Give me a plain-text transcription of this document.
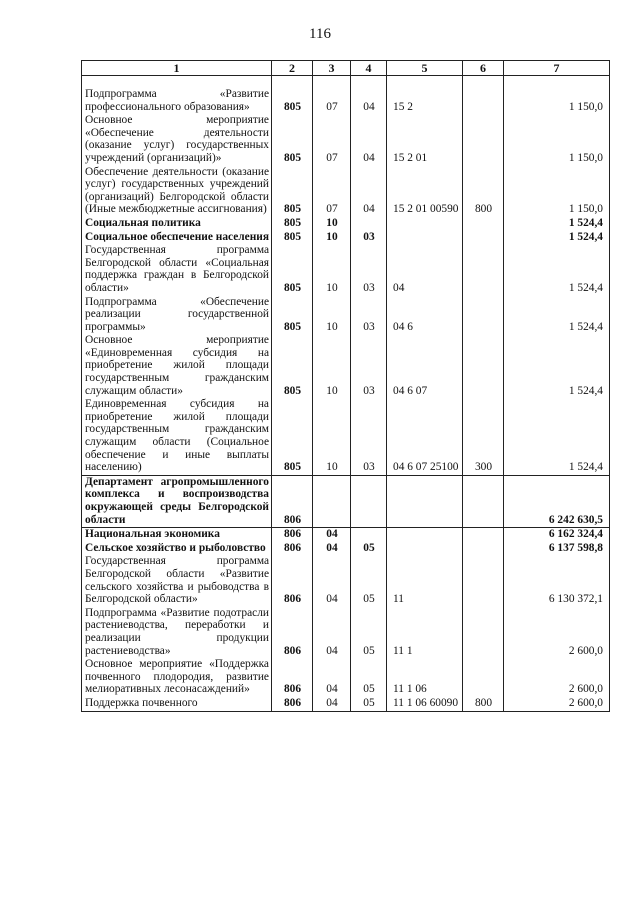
116
1	2	3	4	5	6	7
Подпрограмма «Развитие профессионального образования»	805	07	04	15 2		1 150,0
Основное мероприятие «Обеспечение деятельности (оказание услуг) государственных учреждений (организаций)»	805	07	04	15 2 01		1 150,0
Обеспечение деятельности (оказание услуг) государственных учреждений (организаций) Белгородской области (Иные межбюджетные ассигнования)	805	07	04	15 2 01 00590	800	1 150,0
Социальная политика	805	10				1 524,4
Социальное обеспечение населения	805	10	03			1 524,4
Государственная программа Белгородской области «Социальная поддержка граждан в Белгородской области»	805	10	03	04		1 524,4
Подпрограмма «Обеспечение реализации государственной программы»	805	10	03	04 6		1 524,4
Основное мероприятие «Единовременная субсидия на приобретение жилой площади государственным гражданским служащим области»	805	10	03	04 6 07		1 524,4
Единовременная субсидия на приобретение жилой площади государственным гражданским служащим области (Социальное обеспечение и иные выплаты населению)	805	10	03	04 6 07 25100	300	1 524,4
Департамент агропромышленного комплекса и воспроизводства окружающей среды Белгородской области	806					6 242 630,5
Национальная экономика	806	04				6 162 324,4
Сельское хозяйство и рыболовство	806	04	05			6 137 598,8
Государственная программа Белгородской области «Развитие сельского хозяйства и рыбоводства в Белгородской области»	806	04	05	11		6 130 372,1
Подпрограмма «Развитие подотрасли растениеводства, переработки и реализации продукции растениеводства»	806	04	05	11 1		2 600,0
Основное мероприятие «Поддержка почвенного плодородия, развитие мелиоративных лесонасаждений»	806	04	05	11 1 06		2 600,0
Поддержка почвенного	806	04	05	11 1 06 60090	800	2 600,0
